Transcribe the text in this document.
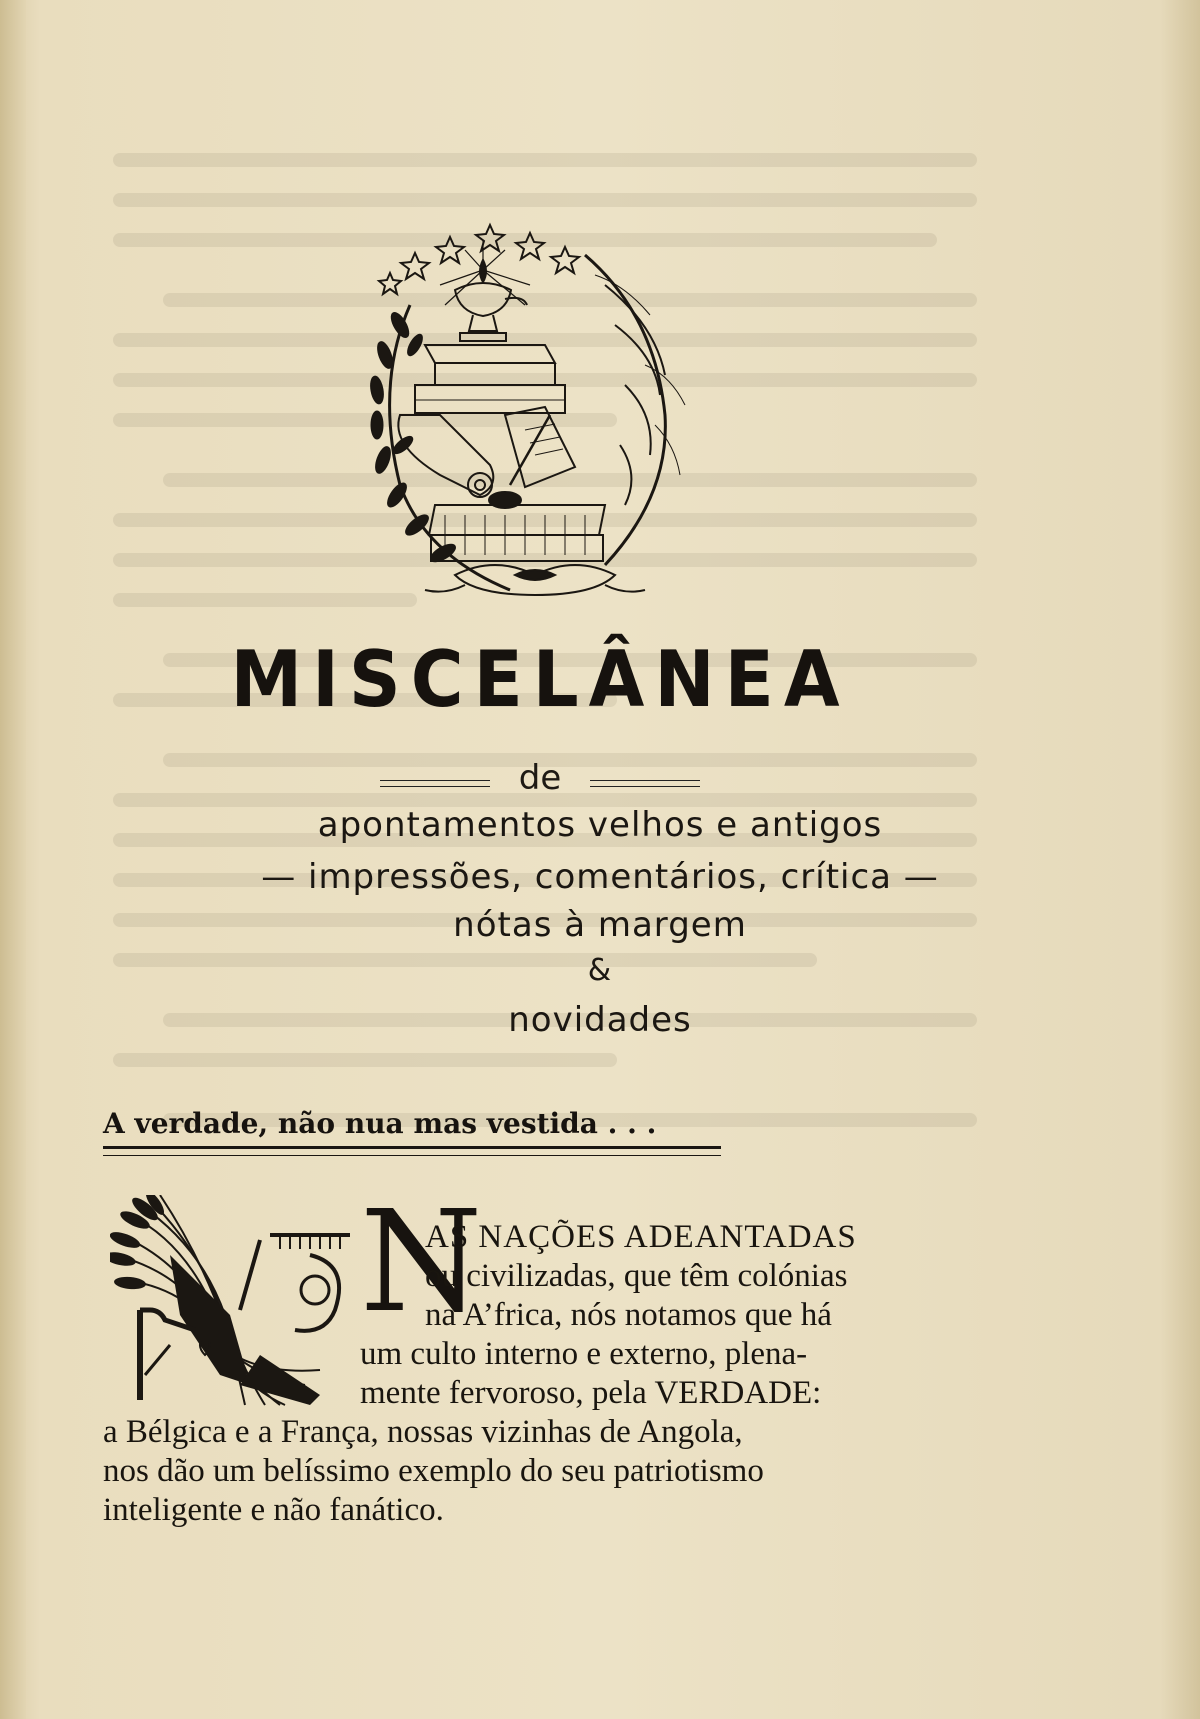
MISCELÂNEA
de
apontamentos velhos e antigos
— impressões, comentários, crítica —
nótas à margem
&
novidades
A verdade, não nua mas vestida . . .
N
AS NAÇÕES ADEANTADAS
ou civilizadas, que têm colónias
na A’frica, nós notamos que há
um culto interno e externo, plena-
mente fervoroso, pela VERDADE:
a Bélgica e a França, nossas vizinhas de Angola,
nos dão um belíssimo exemplo do seu patriotismo
inteligente e não fanático.
